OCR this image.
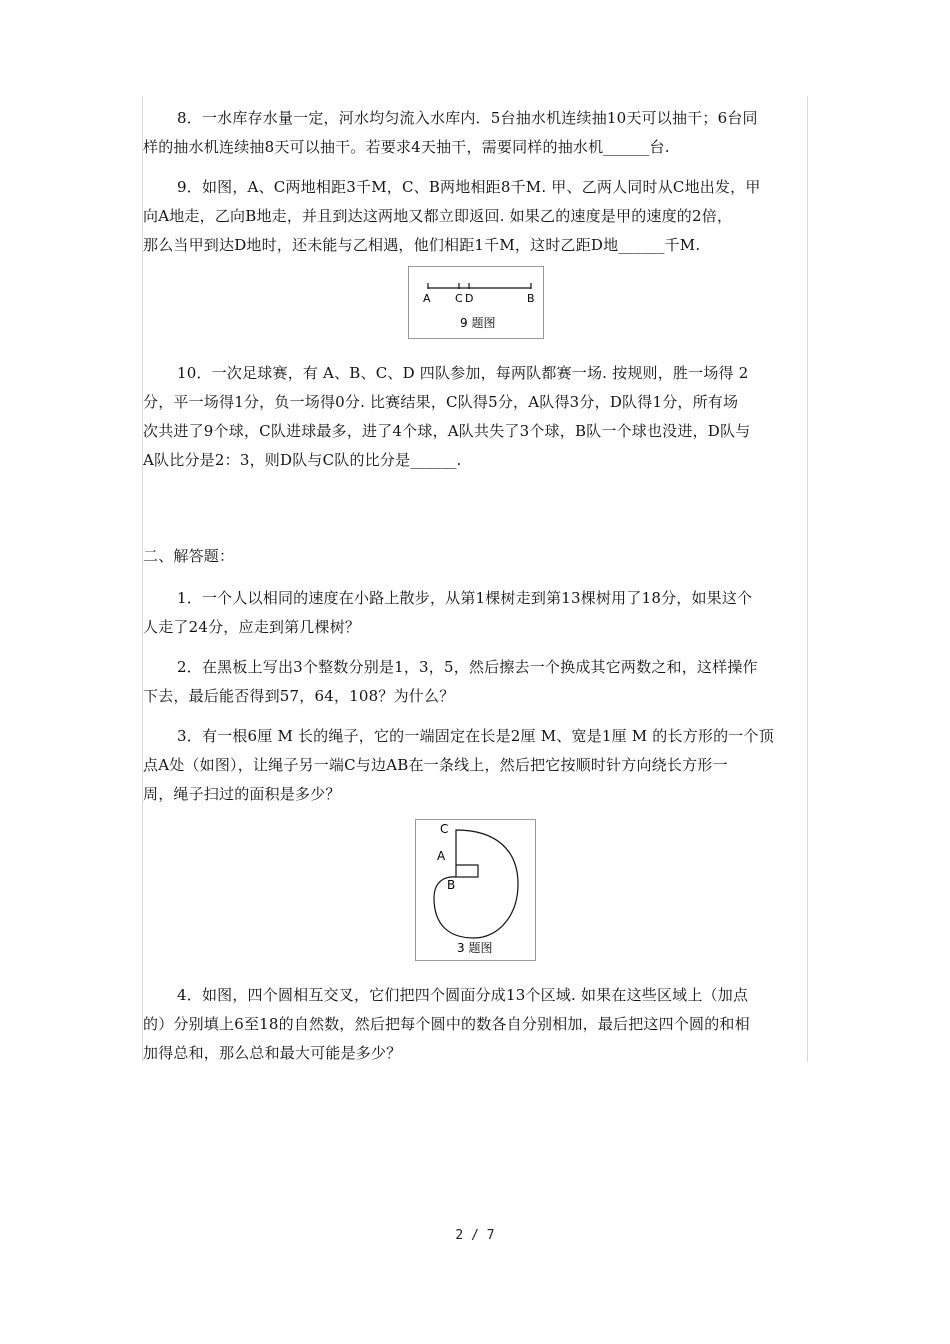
8．一水库存水量一定，河水均匀流入水库内．5台抽水机连续抽10天可以抽干；6台同
样的抽水机连续抽8天可以抽干。若要求4天抽干，需要同样的抽水机______台.
9．如图，A、C两地相距3千M，C、B两地相距8千M. 甲、乙两人同时从C地出发，甲
向A地走，乙向B地走，并且到达这两地又都立即返回. 如果乙的速度是甲的速度的2倍，
那么当甲到达D地时，还未能与乙相遇，他们相距1千M，这时乙距D地______千M.
A C D	B
9 题图
10．一次足球赛，有 A、B、C、D 四队参加，每两队都赛一场. 按规则，胜一场得 2
分，平一场得1分，负一场得0分. 比赛结果，C队得5分，A队得3分，D队得1分，所有场
次共进了9个球，C队进球最多，进了4个球，A队共失了3个球，B队一个球也没进，D队与
A队比分是2：3，则D队与C队的比分是______.
二、解答题：
1．一个人以相同的速度在小路上散步，从第1棵树走到第13棵树用了18分，如果这个
人走了24分，应走到第几棵树？
2．在黑板上写出3个整数分别是1，3，5，然后擦去一个换成其它两数之和，这样操作
下去，最后能否得到57，64，108？为什么？
3．有一根6厘 M 长的绳子，它的一端固定在长是2厘 M、宽是1厘 M 的长方形的一个顶
点A处（如图），让绳子另一端C与边AB在一条线上，然后把它按顺时针方向绕长方形一
周，绳子扫过的面积是多少？
C
A
B
3 题图
4．如图，四个圆相互交叉，它们把四个圆面分成13个区域. 如果在这些区域上（加点
的）分别填上6至18的自然数，然后把每个圆中的数各自分别相加，最后把这四个圆的和相
加得总和，那么总和最大可能是多少？
2 / 7
